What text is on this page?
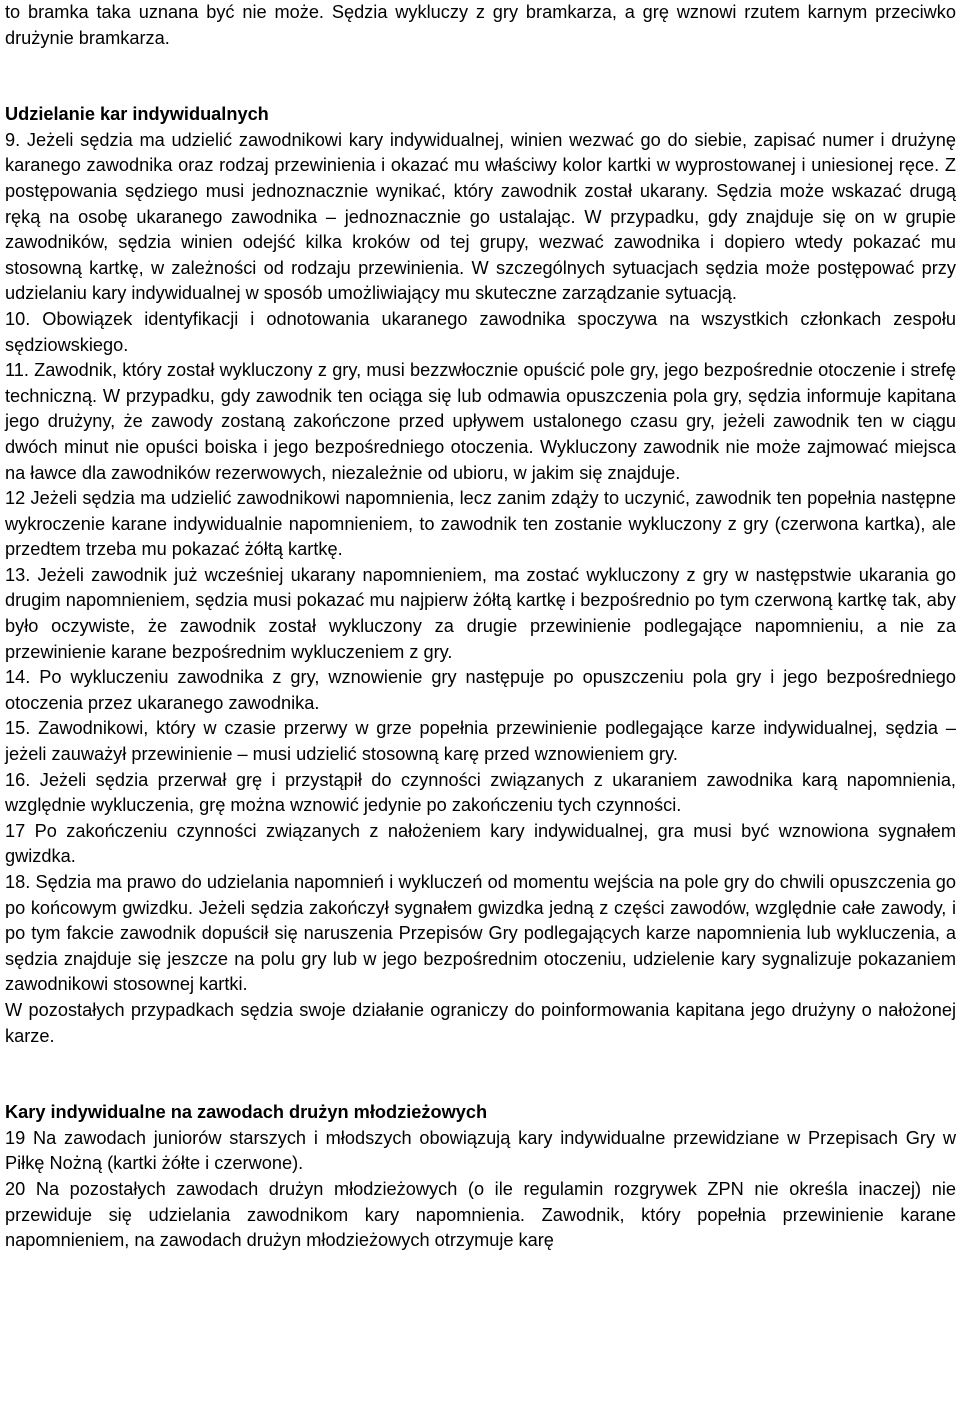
to bramka taka uznana być nie może. Sędzia wykluczy z gry bramkarza, a grę wznowi rzutem karnym przeciwko drużynie bramkarza.

Udzielanie kar indywidualnych

9. Jeżeli sędzia ma udzielić zawodnikowi kary indywidualnej, winien wezwać go do siebie, zapisać numer i drużynę karanego zawodnika oraz rodzaj przewinienia i okazać mu właściwy kolor kartki w wyprostowanej i uniesionej ręce. Z postępowania sędziego musi jednoznacznie wynikać, który zawodnik został ukarany. Sędzia może wskazać drugą ręką na osobę ukaranego zawodnika – jednoznacznie go ustalając. W przypadku, gdy znajduje się on w grupie zawodników, sędzia winien odejść kilka kroków od tej grupy, wezwać zawodnika i dopiero wtedy pokazać mu stosowną kartkę, w zależności od rodzaju przewinienia. W szczególnych sytuacjach sędzia może postępować przy udzielaniu kary indywidualnej w sposób umożliwiający mu skuteczne zarządzanie sytuacją.

10. Obowiązek identyfikacji i odnotowania ukaranego zawodnika spoczywa na wszystkich członkach zespołu sędziowskiego.

11. Zawodnik, który został wykluczony z gry, musi bezzwłocznie opuścić pole gry, jego bezpośrednie otoczenie i strefę techniczną. W przypadku, gdy zawodnik ten ociąga się lub odmawia opuszczenia pola gry, sędzia informuje kapitana jego drużyny, że zawody zostaną zakończone przed upływem ustalonego czasu gry, jeżeli zawodnik ten w ciągu dwóch minut nie opuści boiska i jego bezpośredniego otoczenia. Wykluczony zawodnik nie może zajmować miejsca na ławce dla zawodników rezerwowych, niezależnie od ubioru, w jakim się znajduje.

12 Jeżeli sędzia ma udzielić zawodnikowi napomnienia, lecz zanim zdąży to uczynić, zawodnik ten popełnia następne wykroczenie karane indywidualnie napomnieniem, to zawodnik ten zostanie wykluczony z gry (czerwona kartka), ale przedtem trzeba mu pokazać żółtą kartkę.

13. Jeżeli zawodnik już wcześniej ukarany napomnieniem, ma zostać wykluczony z gry w następstwie ukarania go drugim napomnieniem, sędzia musi pokazać mu najpierw żółtą kartkę i bezpośrednio po tym czerwoną kartkę tak, aby było oczywiste, że zawodnik został wykluczony za drugie przewinienie podlegające napomnieniu, a nie za przewinienie karane bezpośrednim wykluczeniem z gry.

14. Po wykluczeniu zawodnika z gry, wznowienie gry następuje po opuszczeniu pola gry i jego bezpośredniego otoczenia przez ukaranego zawodnika.

15. Zawodnikowi, który w czasie przerwy w grze popełnia przewinienie podlegające karze indywidualnej, sędzia – jeżeli zauważył przewinienie – musi udzielić stosowną karę przed wznowieniem gry.

16. Jeżeli sędzia przerwał grę i przystąpił do czynności związanych z ukaraniem zawodnika karą napomnienia, względnie wykluczenia, grę można wznowić jedynie po zakończeniu tych czynności.

17 Po zakończeniu czynności związanych z nałożeniem kary indywidualnej, gra musi być wznowiona sygnałem gwizdka.

18. Sędzia ma prawo do udzielania napomnień i wykluczeń od momentu wejścia na pole gry do chwili opuszczenia go po końcowym gwizdku. Jeżeli sędzia zakończył sygnałem gwizdka jedną z części zawodów, względnie całe zawody, i po tym fakcie zawodnik dopuścił się naruszenia Przepisów Gry podlegających karze napomnienia lub wykluczenia, a sędzia znajduje się jeszcze na polu gry lub w jego bezpośrednim otoczeniu, udzielenie kary sygnalizuje pokazaniem zawodnikowi stosownej kartki.

W pozostałych przypadkach sędzia swoje działanie ograniczy do poinformowania kapitana jego drużyny o nałożonej karze.

Kary indywidualne na zawodach drużyn młodzieżowych

19 Na zawodach juniorów starszych i młodszych obowiązują kary indywidualne przewidziane w Przepisach Gry w Piłkę Nożną (kartki żółte i czerwone).

20 Na pozostałych zawodach drużyn młodzieżowych (o ile regulamin rozgrywek ZPN nie określa inaczej) nie przewiduje się udzielania zawodnikom kary napomnienia. Zawodnik, który popełnia przewinienie karane napomnieniem, na zawodach drużyn młodzieżowych otrzymuje karę
